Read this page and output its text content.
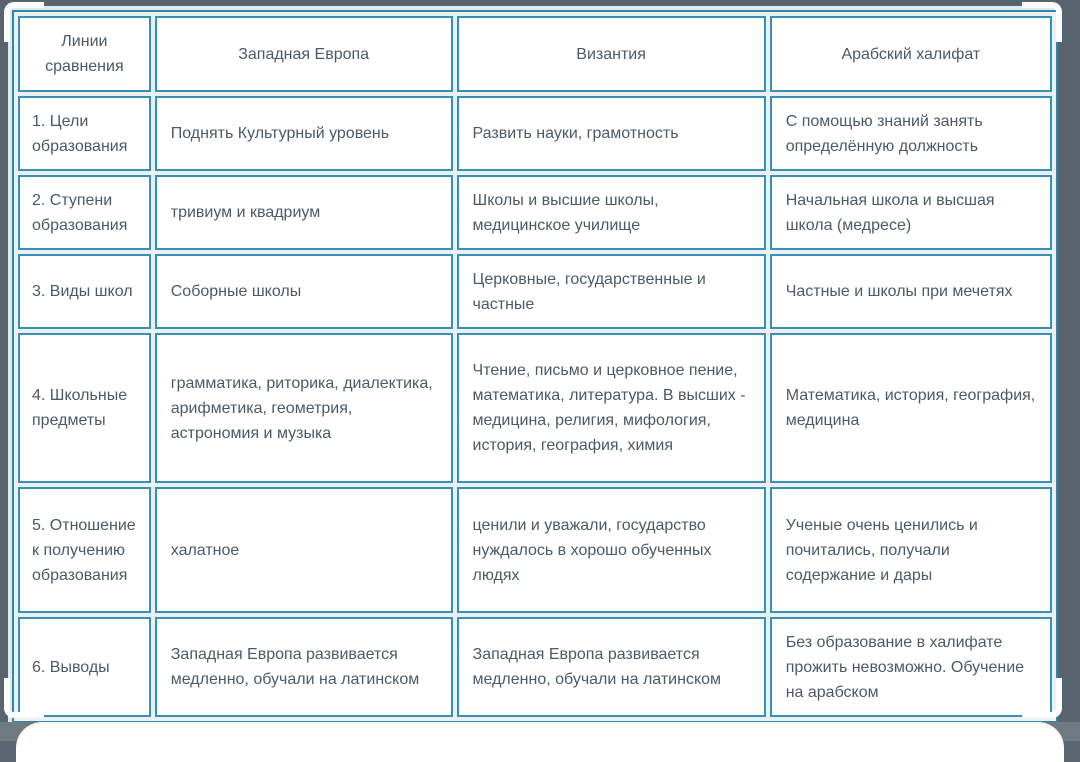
Линии сравнения	Западная Европа	Византия	Арабский халифат
1. Цели образования	Поднять Культурный уровень	Развить науки, грамотность	С помощью знаний занять определённую должность
2. Ступени образования	тривиум и квадриум	Школы и высшие школы, медицинское училище	Начальная школа и высшая школа (медресе)
3. Виды школ	Соборные школы	Церковные, государственные и частные	Частные и школы при мечетях
4. Школьные предметы	грамматика, риторика, диалектика, арифметика, геометрия, астрономия и музыка	Чтение, письмо и церковное пение, математика, литература. В высших - медицина, религия, мифология, история, география, химия	Математика, история, география, медицина
5. Отношение к получению образования	халатное	ценили и уважали, государство нуждалось в хорошо обученных людях	Ученые очень ценились и почитались, получали содержание и дары
6. Выводы	Западная Европа развивается медленно, обучали на латинском	Западная Европа развивается медленно, обучали на латинском	Без образование в халифате прожить невозможно. Обучение на арабском
